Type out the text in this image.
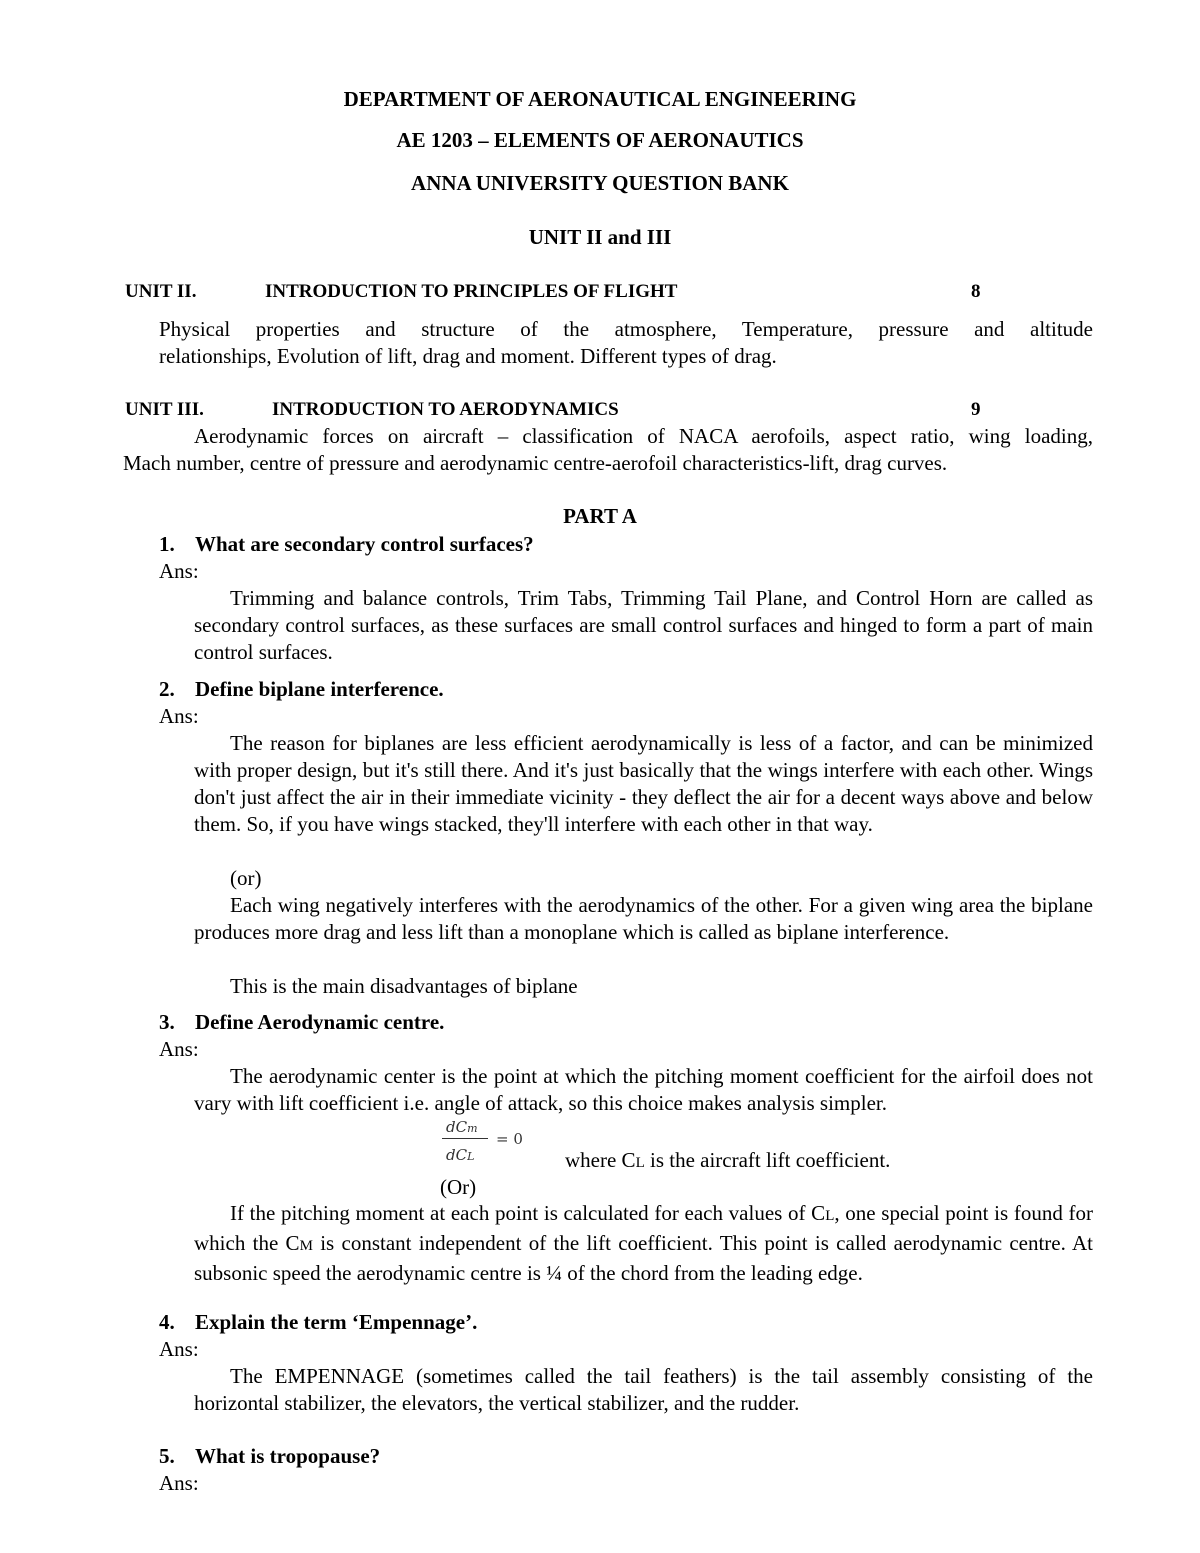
DEPARTMENT OF AERONAUTICAL ENGINEERING
AE 1203 – ELEMENTS OF AERONAUTICS
ANNA UNIVERSITY QUESTION BANK
UNIT II and III
UNIT II.	INTRODUCTION TO PRINCIPLES OF FLIGHT	8
Physical properties and structure of the atmosphere, Temperature, pressure and altitude
relationships, Evolution of lift, drag and moment. Different types of drag.
UNIT III.	INTRODUCTION TO AERODYNAMICS	9
Aerodynamic forces on aircraft – classification of NACA aerofoils, aspect ratio, wing loading,
Mach number, centre of pressure and aerodynamic centre-aerofoil characteristics-lift, drag curves.
PART A
1. What are secondary control surfaces?
Ans:
Trimming and balance controls, Trim Tabs, Trimming Tail Plane, and Control Horn are called as secondary control surfaces, as these surfaces are small control surfaces and hinged to form a part of main control surfaces.
2. Define biplane interference.
Ans:
The reason for biplanes are less efficient aerodynamically is less of a factor, and can be minimized with proper design, but it's still there. And it's just basically that the wings interfere with each other. Wings don't just affect the air in their immediate vicinity - they deflect the air for a decent ways above and below them. So, if you have wings stacked, they'll interfere with each other in that way.
(or)
Each wing negatively interferes with the aerodynamics of the other. For a given wing area the biplane produces more drag and less lift than a monoplane which is called as biplane interference.
This is the main disadvantages of biplane
3. Define Aerodynamic centre.
Ans:
The aerodynamic center is the point at which the pitching moment coefficient for the airfoil does not vary with lift coefficient i.e. angle of attack, so this choice makes analysis simpler.
dCm
dCL
= 0
where CL is the aircraft lift coefficient.
(Or)
If the pitching moment at each point is calculated for each values of CL, one special point is found for which the CM is constant independent of the lift coefficient. This point is called aerodynamic centre. At subsonic speed the aerodynamic centre is ¼ of the chord from the leading edge.
4. Explain the term ‘Empennage’.
Ans:
The EMPENNAGE (sometimes called the tail feathers) is the tail assembly consisting of the horizontal stabilizer, the elevators, the vertical stabilizer, and the rudder.
5. What is tropopause?
Ans:
